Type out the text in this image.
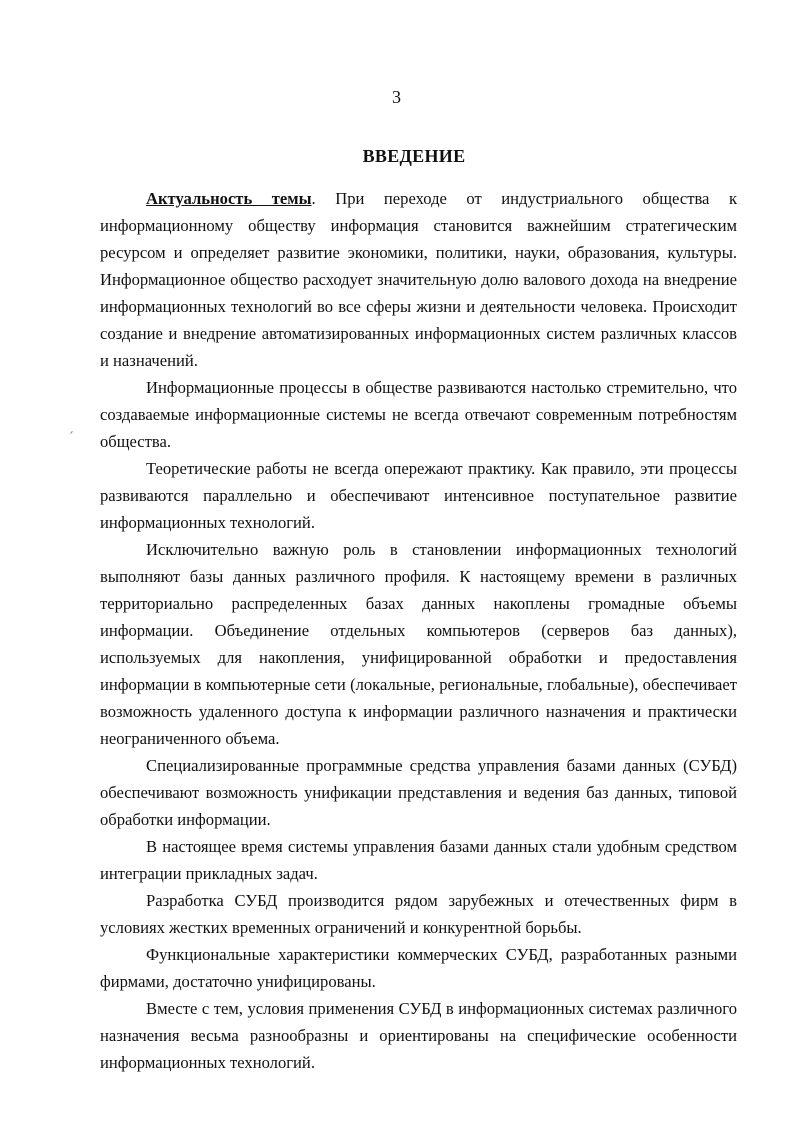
3
ВВЕДЕНИЕ

Актуальность темы. При переходе от индустриального общества к информационному обществу информация становится важнейшим стратегическим ресурсом и определяет развитие экономики, политики, науки, образования, культуры. Информационное общество расходует значительную долю валового дохода на внедрение информационных технологий во все сферы жизни и деятельности человека. Происходит создание и внедрение автоматизированных информационных систем различных классов и назначений.

Информационные процессы в обществе развиваются настолько стремительно, что создаваемые информационные системы не всегда отвечают современным потребностям общества.

Теоретические работы не всегда опережают практику. Как правило, эти процессы развиваются параллельно и обеспечивают интенсивное поступательное развитие информационных технологий.

Исключительно важную роль в становлении информационных технологий выполняют базы данных различного профиля. К настоящему времени в различных территориально распределенных базах данных накоплены громадные объемы информации. Объединение отдельных компьютеров (серверов баз данных), используемых для накопления, унифицированной обработки и предоставления информации в компьютерные сети (локальные, региональные, глобальные), обеспечивает возможность удаленного доступа к информации различного назначения и практически неограниченного объема.

Специализированные программные средства управления базами данных (СУБД) обеспечивают возможность унификации представления и ведения баз данных, типовой обработки информации.

В настоящее время системы управления базами данных стали удобным средством интеграции прикладных задач.

Разработка СУБД производится рядом зарубежных и отечественных фирм в условиях жестких временных ограничений и конкурентной борьбы.

Функциональные характеристики коммерческих СУБД, разработанных разными фирмами, достаточно унифицированы.

Вместе с тем, условия применения СУБД в информационных системах различного назначения весьма разнообразны и ориентированы на специфические особенности информационных технологий.
